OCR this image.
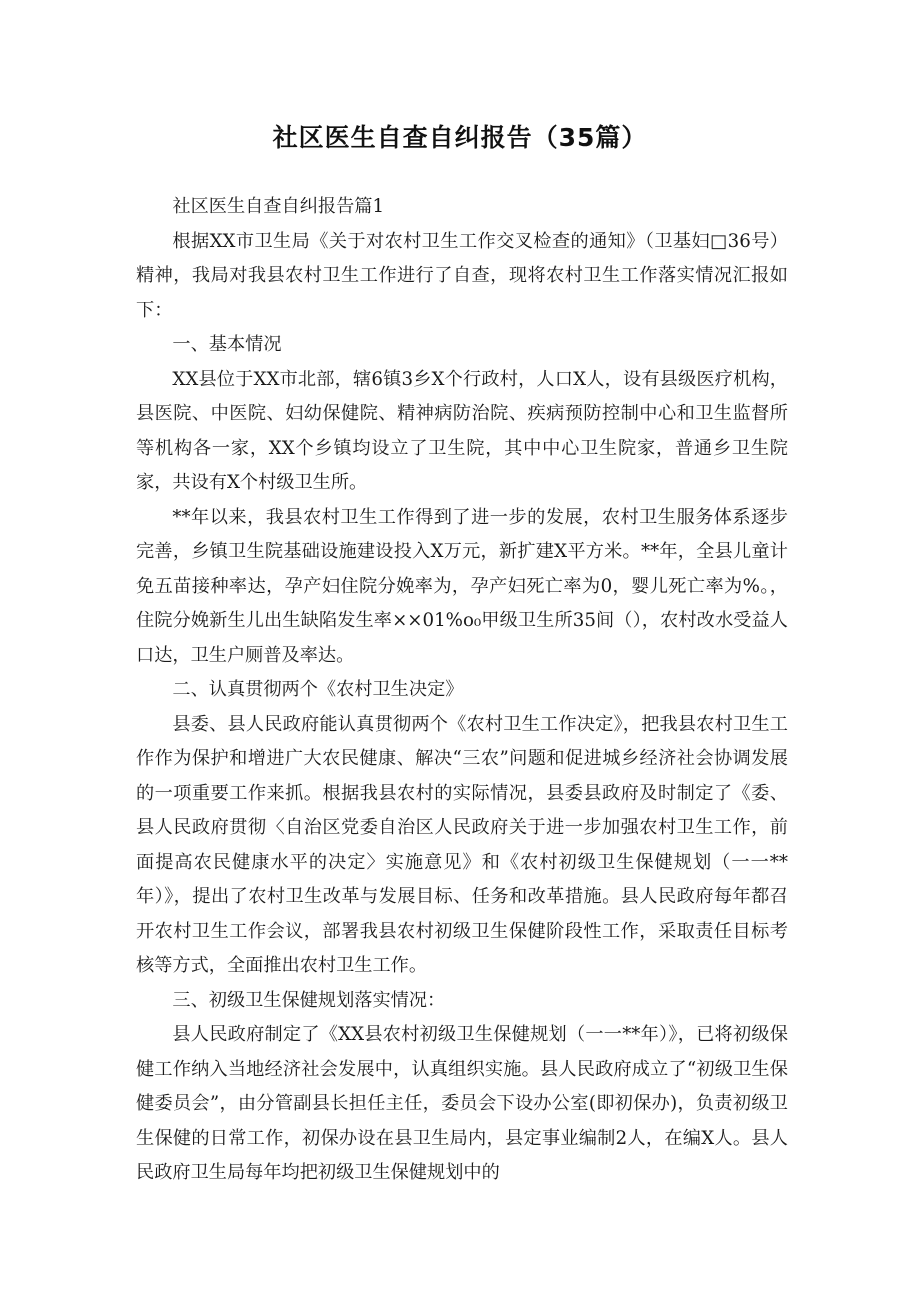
社区医生自查自纠报告（35篇）

社区医生自查自纠报告篇1

根据XX市卫生局《关于对农村卫生工作交叉检查的通知》（卫基妇□36号）精神，我局对我县农村卫生工作进行了自查，现将农村卫生工作落实情况汇报如下：

一、基本情况

XX县位于XX市北部，辖6镇3乡X个行政村，人口X人，设有县级医疗机构，县医院、中医院、妇幼保健院、精神病防治院、疾病预防控制中心和卫生监督所等机构各一家，XX个乡镇均设立了卫生院，其中中心卫生院家，普通乡卫生院家，共设有X个村级卫生所。

**年以来，我县农村卫生工作得到了进一步的发展，农村卫生服务体系逐步完善，乡镇卫生院基础设施建设投入X万元，新扩建X平方米。**年，全县儿童计免五苗接种率达，孕产妇住院分娩率为，孕产妇死亡率为0，婴儿死亡率为%。，住院分娩新生儿出生缺陷发生率××01%o₀甲级卫生所35间（），农村改水受益人口达，卫生户厕普及率达。

二、认真贯彻两个《农村卫生决定》

县委、县人民政府能认真贯彻两个《农村卫生工作决定》，把我县农村卫生工作作为保护和增进广大农民健康、解决“三农”问题和促进城乡经济社会协调发展的一项重要工作来抓。根据我县农村的实际情况，县委县政府及时制定了《委、县人民政府贯彻〈自治区党委自治区人民政府关于进一步加强农村卫生工作，前面提高农民健康水平的决定〉实施意见》和《农村初级卫生保健规划（一一**年）》，提出了农村卫生改革与发展目标、任务和改革措施。县人民政府每年都召开农村卫生工作会议，部署我县农村初级卫生保健阶段性工作，采取责任目标考核等方式，全面推出农村卫生工作。

三、初级卫生保健规划落实情况：

县人民政府制定了《XX县农村初级卫生保健规划（一一**年）》，已将初级保健工作纳入当地经济社会发展中，认真组织实施。县人民政府成立了“初级卫生保健委员会”，由分管副县长担任主任，委员会下设办公室(即初保办)，负责初级卫生保健的日常工作，初保办设在县卫生局内，县定事业编制2人，在编X人。县人民政府卫生局每年均把初级卫生保健规划中的
